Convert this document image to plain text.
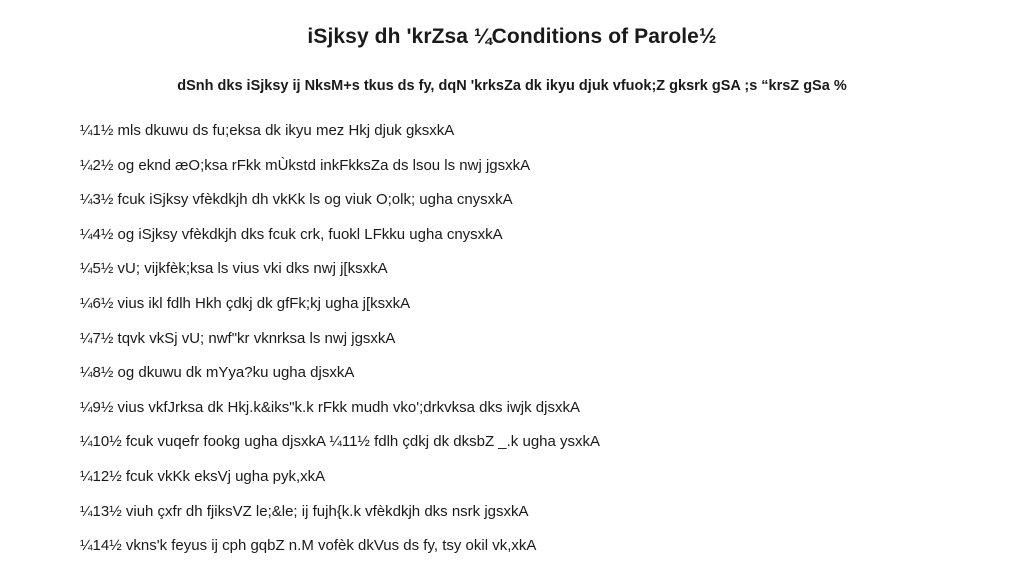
iSjksy dh 'krZsa ¼Conditions of Parole½
dSnh dks iSjksy ij NksM+s tkus ds fy, dqN 'krksZa dk ikyu djuk vfuok;Z gksrk gSA ;s “krsZ gSa %
¼1½ mls dkuwu ds fu;eksa dk ikyu mez Hkj djuk gksxkA
¼2½ og eknd æO;ksa rFkk mÙkstd inkFkksZa ds lsou ls nwj jgsxkA
¼3½ fcuk iSjksy vfèkdkjh dh vkKk ls og viuk O;olk; ugha cnysxkA
¼4½ og iSjksy vfèkdkjh dks fcuk crk, fuokl LFkku ugha cnysxkA
¼5½ vU; vijkfèk;ksa ls vius vki dks nwj j[ksxkA
¼6½ vius ikl fdlh Hkh çdkj dk gfFk;kj ugha j[ksxkA
¼7½ tqvk vkSj vU; nwf"kr vknrksa ls nwj jgsxkA
¼8½ og dkuwu dk mYya?ku ugha djsxkA
¼9½ vius vkfJrksa dk Hkj.k&iks"k.k rFkk mudh vko';drkvksa dks iwjk djsxkA
¼10½ fcuk vuqefr fookg ugha djsxkA ¼11½ fdlh çdkj dk dksbZ _.k ugha ysxkA
¼12½ fcuk vkKk eksVj ugha pyk,xkA
¼13½ viuh çxfr dh fjiksVZ le;&le; ij fujh{k.k vfèkdkjh dks nsrk jgsxkA
¼14½ vkns'k feyus ij cph gqbZ n.M vofèk dkVus ds fy, tsy okil vk,xkA
